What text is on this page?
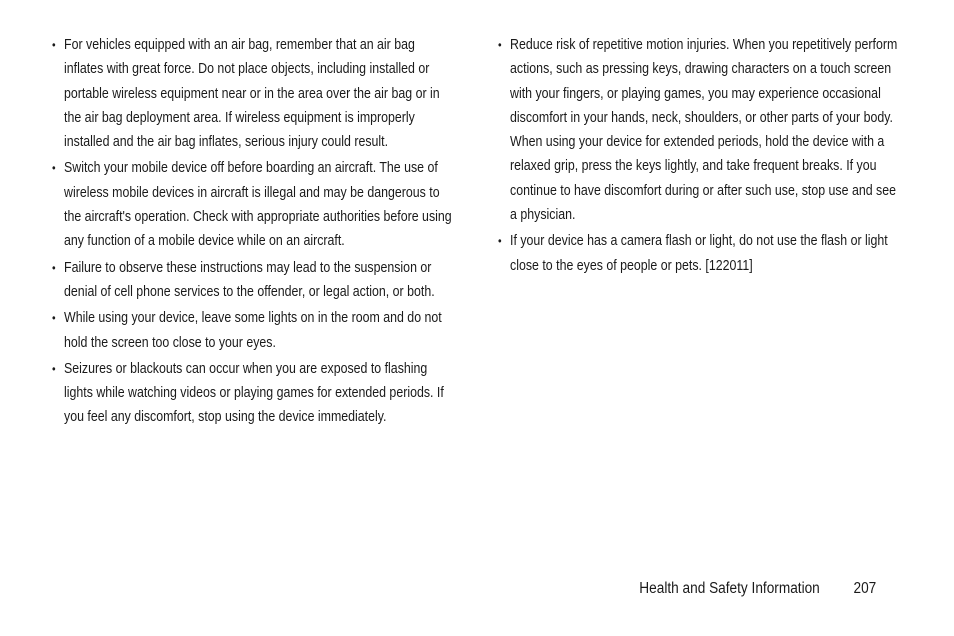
• For vehicles equipped with an air bag, remember that an air bag inflates with great force. Do not place objects, including installed or portable wireless equipment near or in the area over the air bag or in the air bag deployment area. If wireless equipment is improperly installed and the air bag inflates, serious injury could result.
• Switch your mobile device off before boarding an aircraft. The use of wireless mobile devices in aircraft is illegal and may be dangerous to the aircraft's operation. Check with appropriate authorities before using any function of a mobile device while on an aircraft.
• Failure to observe these instructions may lead to the suspension or denial of cell phone services to the offender, or legal action, or both.
• While using your device, leave some lights on in the room and do not hold the screen too close to your eyes.
• Seizures or blackouts can occur when you are exposed to flashing lights while watching videos or playing games for extended periods. If you feel any discomfort, stop using the device immediately.
• Reduce risk of repetitive motion injuries. When you repetitively perform actions, such as pressing keys, drawing characters on a touch screen with your fingers, or playing games, you may experience occasional discomfort in your hands, neck, shoulders, or other parts of your body. When using your device for extended periods, hold the device with a relaxed grip, press the keys lightly, and take frequent breaks. If you continue to have discomfort during or after such use, stop use and see a physician.
• If your device has a camera flash or light, do not use the flash or light close to the eyes of people or pets. [122011]
Health and Safety Information 207
